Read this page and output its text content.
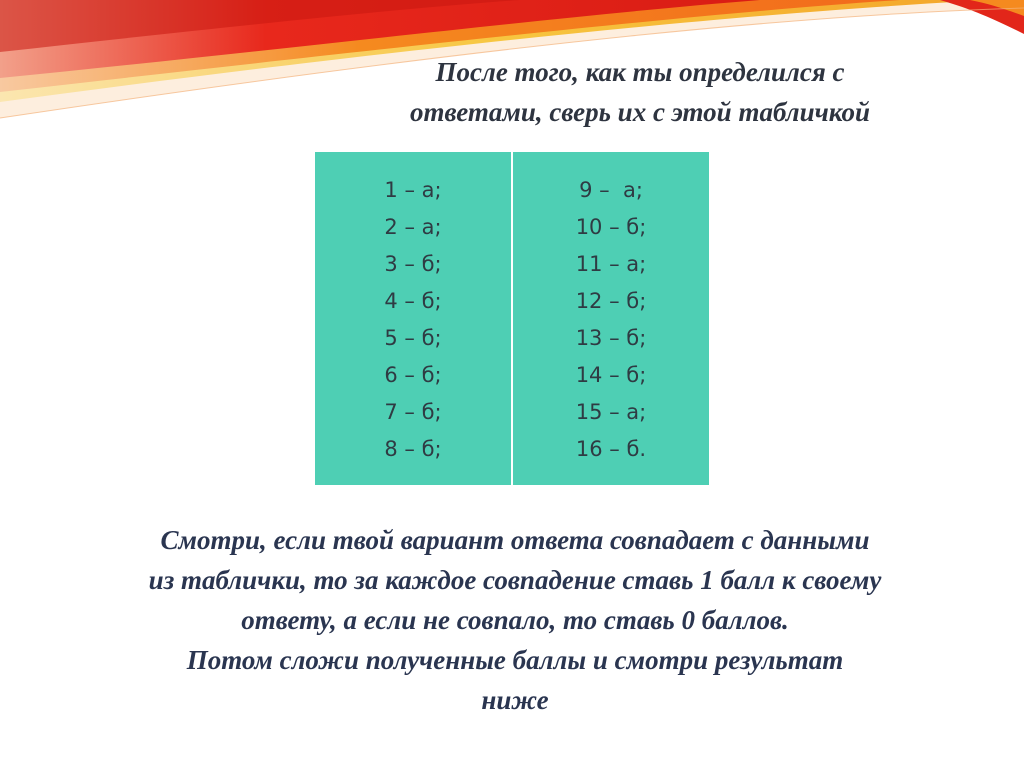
После того, как ты определился с
ответами, сверь их с этой табличкой

1 – а;
2 – а;
3 – б;
4 – б;
5 – б;
6 – б;
7 – б;
8 – б;
9 –  а;
10 – б;
11 – а;
12 – б;
13 – б;
14 – б;
15 – а;
16 – б.

Смотри, если твой вариант ответа совпадает с данными
из таблички, то за каждое совпадение ставь 1 балл к своему
ответу, а если не совпало, то ставь 0 баллов.
Потом сложи полученные баллы и смотри результат
ниже
